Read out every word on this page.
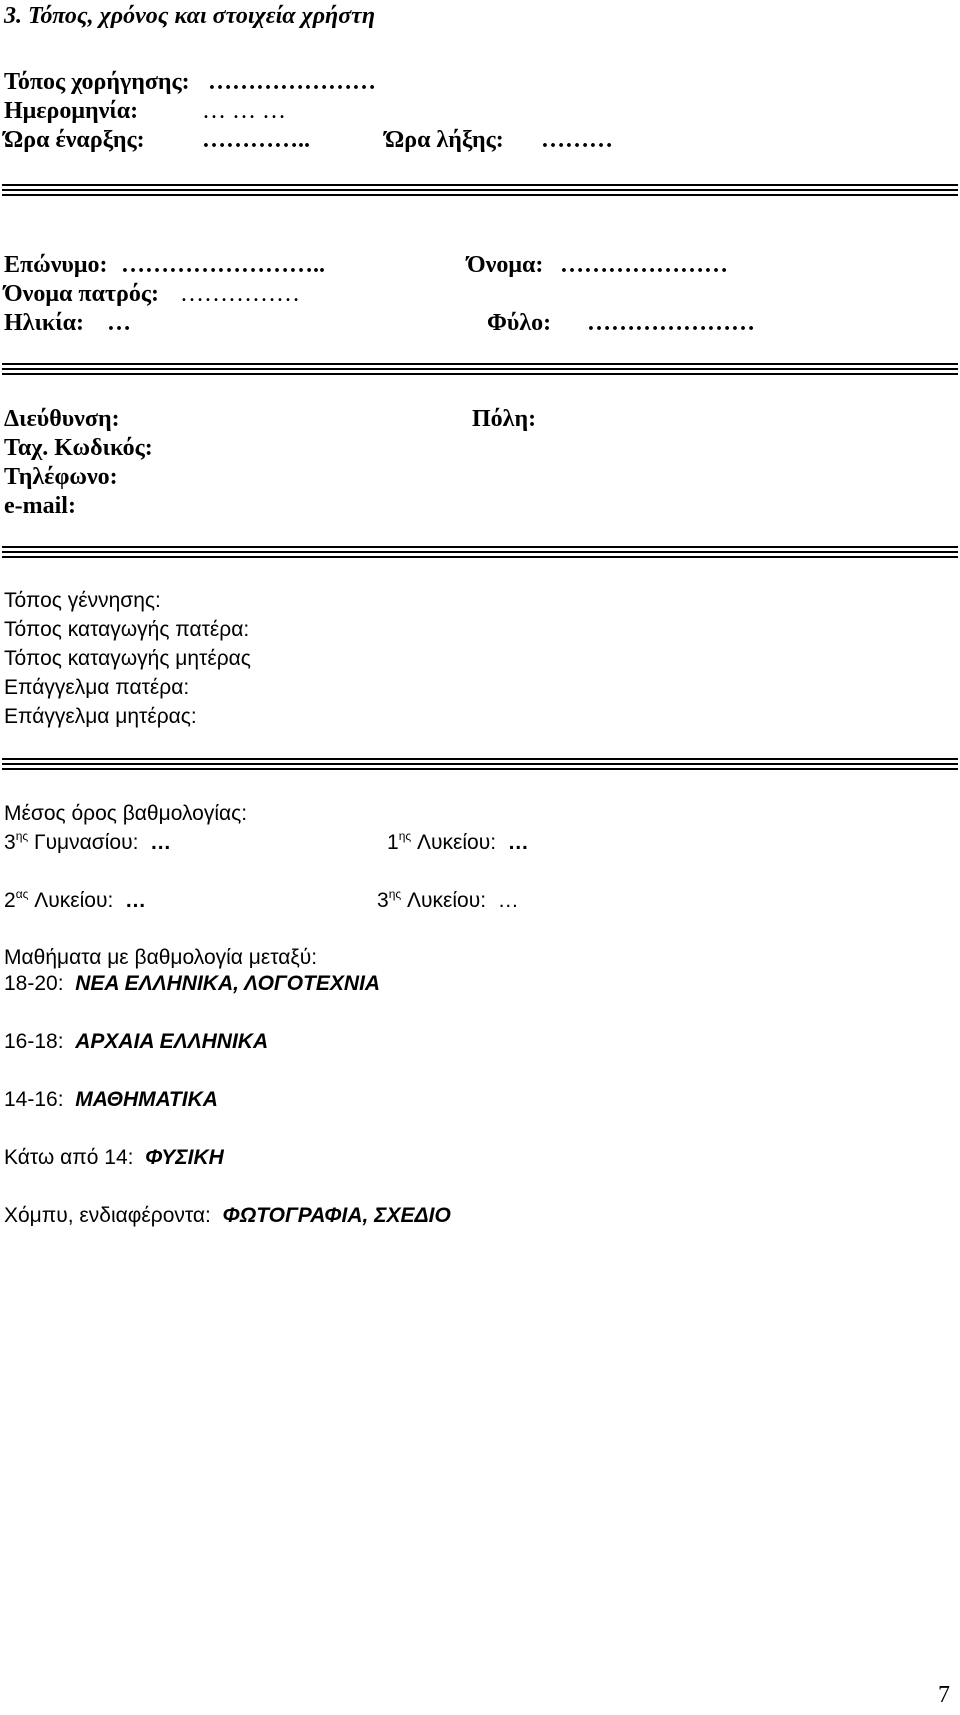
3. Τόπος, χρόνος και στοιχεία χρήστη
Τόπος χορήγησης: …………………
Ημερομηνία:	… … …
Ώρα έναρξης: …………..	Ώρα λήξης: ………
Επώνυμο: ……………………..	Όνομα: …………………
Όνομα πατρός: ……………
Ηλικία: …	Φύλο: …………………
Διεύθυνση:	Πόλη:
Ταχ. Κωδικός:
Τηλέφωνο:
e-mail:
Τόπος γέννησης:
Τόπος καταγωγής πατέρα:
Τόπος καταγωγής μητέρας
Επάγγελμα πατέρα:
Επάγγελμα μητέρας:
Μέσος όρος βαθμολογίας:
$3^{\eta\varsigma}$ Γυμνασίου: …	$1^{\eta\varsigma}$ Λυκείου: …
$2^{\alpha\varsigma}$ Λυκείου: …	$3^{\eta\varsigma}$ Λυκείου: …
Μαθήματα με βαθμολογία μεταξύ:
18-20: ΝΕΑ ΕΛΛΗΝΙΚΑ, ΛΟΓΟΤΕΧΝΙΑ
16-18: ΑΡΧΑΙΑ ΕΛΛΗΝΙΚΑ
14-16: ΜΑΘΗΜΑΤΙΚΑ
Κάτω από 14: ΦΥΣΙΚΗ
Χόμπυ, ενδιαφέροντα: ΦΩΤΟΓΡΑΦΙΑ, ΣΧΕΔΙΟ
7
